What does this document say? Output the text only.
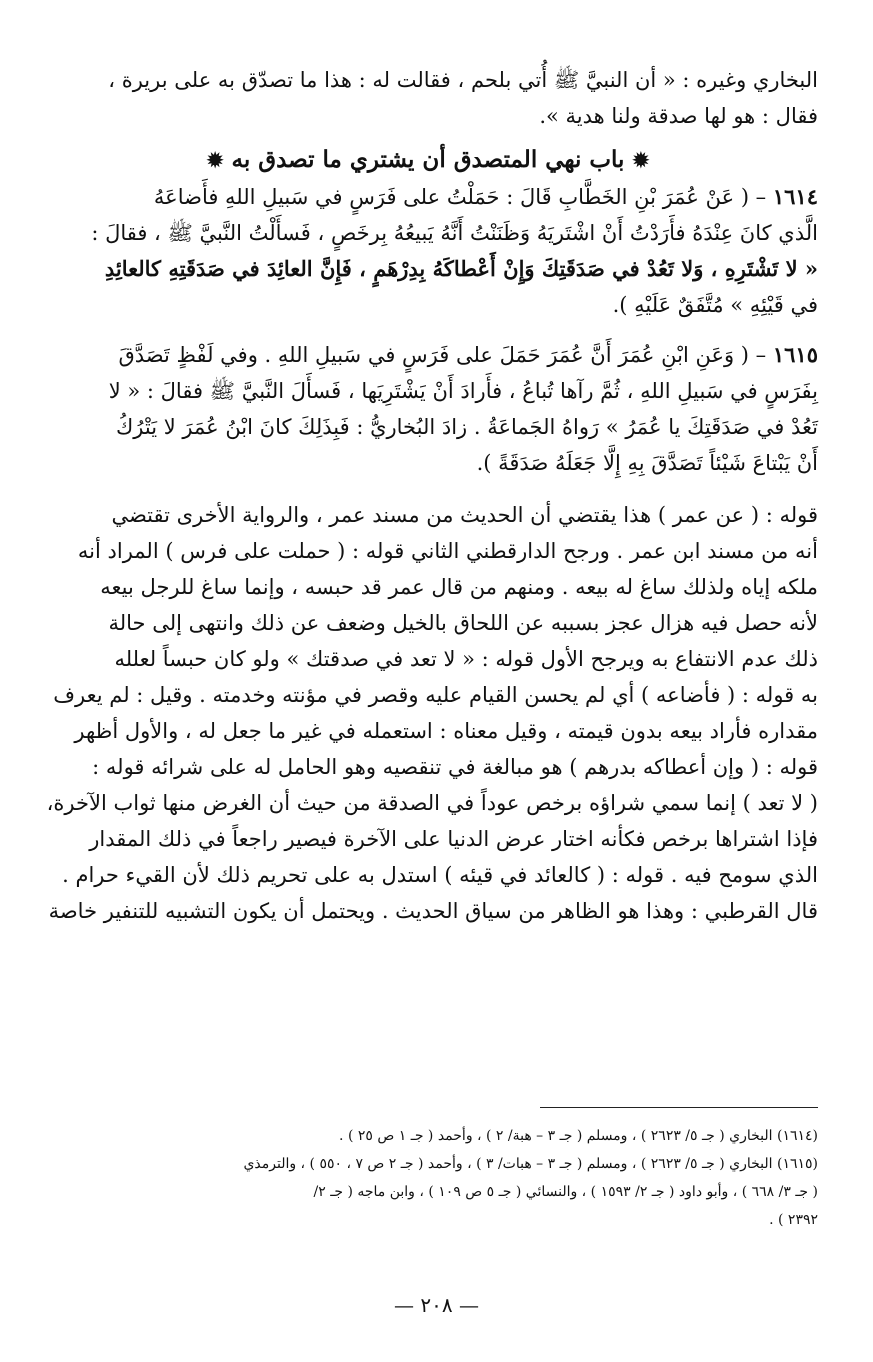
البخاري وغيره : « أن النبيَّ ﷺ أُتي بلحم ، فقالت له : هذا ما تصدّق به على بريرة ،
فقال : هو لها صدقة ولنا هدية ».
✹ باب نهي المتصدق أن يشتري ما تصدق به ✹
١٦١٤ – ( عَنْ عُمَرَ بْنِ الخَطَّابِ قَالَ : حَمَلْتُ على فَرَسٍ في سَبيلِ اللهِ فأَضاعَهُ
الَّذي كانَ عِنْدَهُ فأَرَدْتُ أَنْ اشْتَريَهُ وَظَنَنْتُ أَنَّهُ يَبيعُهُ بِرخَصٍ ، فَسأَلْتُ النَّبيَّ ﷺ ، فقالَ :
« لا تَشْتَرِهِ ، وَلا تَعُدْ في صَدَقَتِكَ وَإِنْ أَعْطاكَهُ بِدِرْهَمٍ ، فَإِنَّ العائِدَ في صَدَقَتِهِ كالعائِدِ
في قَيْئِهِ » مُتَّفَقٌ عَلَيْهِ ).
١٦١٥ – ( وَعَنِ ابْنِ عُمَرَ أَنَّ عُمَرَ حَمَلَ على فَرَسٍ في سَبيلِ اللهِ . وفي لَفْظٍ تَصَدَّقَ
بِفَرَسٍ في سَبيلِ اللهِ ، ثُمَّ رآها تُباعُ ، فأَرادَ أَنْ يَشْتَرِيَها ، فَسأَلَ النَّبيَّ ﷺ فقالَ : « لا
تَعُدْ في صَدَقَتِكَ يا عُمَرُ » رَواهُ الجَماعَةُ . زادَ البُخاريُّ : فَبِذَلِكَ كانَ ابْنُ عُمَرَ لا يَتْرُكُ
أَنْ يَبْتاعَ شَيْئاً تَصَدَّقَ بِهِ إِلَّا جَعَلَهُ صَدَقَةً ).
قوله : ( عن عمر ) هذا يقتضي أن الحديث من مسند عمر ، والرواية الأخرى تقتضي
أنه من مسند ابن عمر . ورجح الدارقطني الثاني قوله : ( حملت على فرس ) المراد أنه
ملكه إياه ولذلك ساغ له بيعه . ومنهم من قال عمر قد حبسه ، وإنما ساغ للرجل بيعه
لأنه حصل فيه هزال عجز بسببه عن اللحاق بالخيل وضعف عن ذلك وانتهى إلى حالة
ذلك عدم الانتفاع به ويرجح الأول قوله : « لا تعد في صدقتك » ولو كان حبساً لعلله
به قوله : ( فأضاعه ) أي لم يحسن القيام عليه وقصر في مؤنته وخدمته . وقيل : لم يعرف
مقداره فأراد بيعه بدون قيمته ، وقيل معناه : استعمله في غير ما جعل له ، والأول أظهر
قوله : ( وإن أعطاكه بدرهم ) هو مبالغة في تنقصيه وهو الحامل له على شرائه قوله :
( لا تعد ) إنما سمي شراؤه برخص عوداً في الصدقة من حيث أن الغرض منها ثواب الآخرة،
فإذا اشتراها برخص فكأنه اختار عرض الدنيا على الآخرة فيصير راجعاً في ذلك المقدار
الذي سومح فيه . قوله : ( كالعائد في قيئه ) استدل به على تحريم ذلك لأن القيء حرام .
قال القرطبي : وهذا هو الظاهر من سياق الحديث . ويحتمل أن يكون التشبيه للتنفير خاصة
(١٦١٤) البخاري ( جـ ٥/ ٢٦٢٣ ) ، ومسلم ( جـ ٣ – هبة/ ٢ ) ، وأحمد ( جـ ١ ص ٢٥ ) .
(١٦١٥) البخاري ( جـ ٥/ ٢٦٢٣ ) ، ومسلم ( جـ ٣ – هبات/ ٣ ) ، وأحمد ( جـ ٢ ص ٧ ، ٥٥٠ ) ، والترمذي
( جـ ٣/ ٦٦٨ ) ، وأبو داود ( جـ ٢/ ١٥٩٣ ) ، والنسائي ( جـ ٥ ص ١٠٩ ) ، وابن ماجه ( جـ ٢/
٢٣٩٢ ) .
— ٢٠٨ —
